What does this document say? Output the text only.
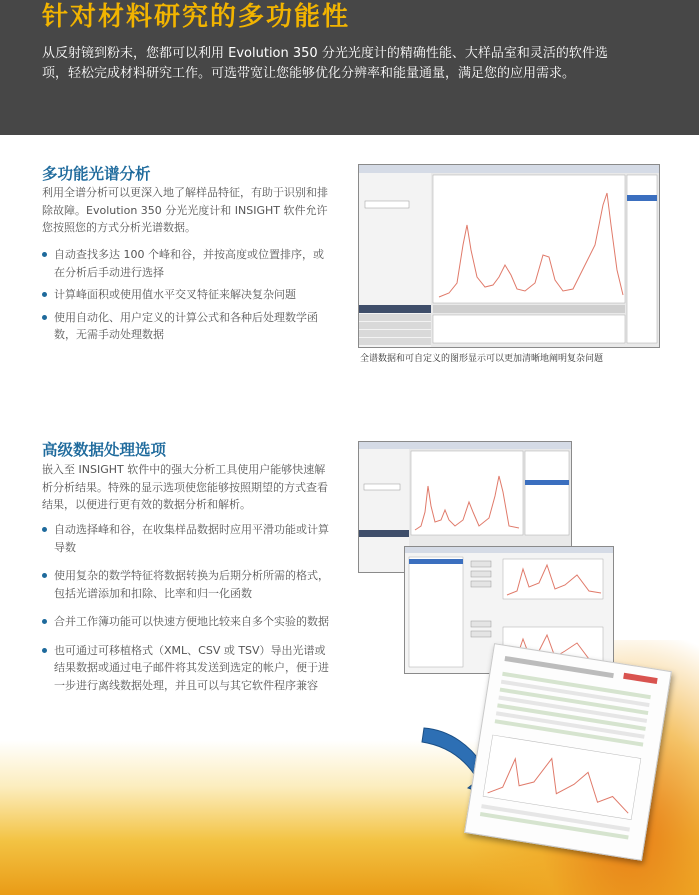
针对材料研究的多功能性

从反射镜到粉末，您都可以利用 Evolution 350 分光光度计的精确性能、大样品室和灵活的软件选项，轻松完成材料研究工作。可选带宽让您能够优化分辨率和能量通量，满足您的应用需求。

多功能光谱分析

利用全谱分析可以更深入地了解样品特征，有助于识别和排除故障。Evolution 350 分光光度计和 INSIGHT 软件允许您按照您的方式分析光谱数据。

自动查找多达 100 个峰和谷，并按高度或位置排序，或在分析后手动进行选择
计算峰面积或使用值水平交叉特征来解决复杂问题
使用自动化、用户定义的计算公式和各种后处理数学函数，无需手动处理数据

全谱数据和可自定义的图形显示可以更加清晰地阐明复杂问题

高级数据处理选项

嵌入至 INSIGHT 软件中的强大分析工具使用户能够快速解析分析结果。特殊的显示选项使您能够按照期望的方式查看结果，以便进行更有效的数据分析和解析。

自动选择峰和谷，在收集样品数据时应用平滑功能或计算导数
使用复杂的数学特征将数据转换为后期分析所需的格式，包括光谱添加和扣除、比率和归一化函数
合并工作簿功能可以快速方便地比较来自多个实验的数据
也可通过可移植格式（XML、CSV 或 TSV）导出光谱或结果数据或通过电子邮件将其发送到选定的帐户，便于进一步进行离线数据处理，并且可以与其它软件程序兼容
